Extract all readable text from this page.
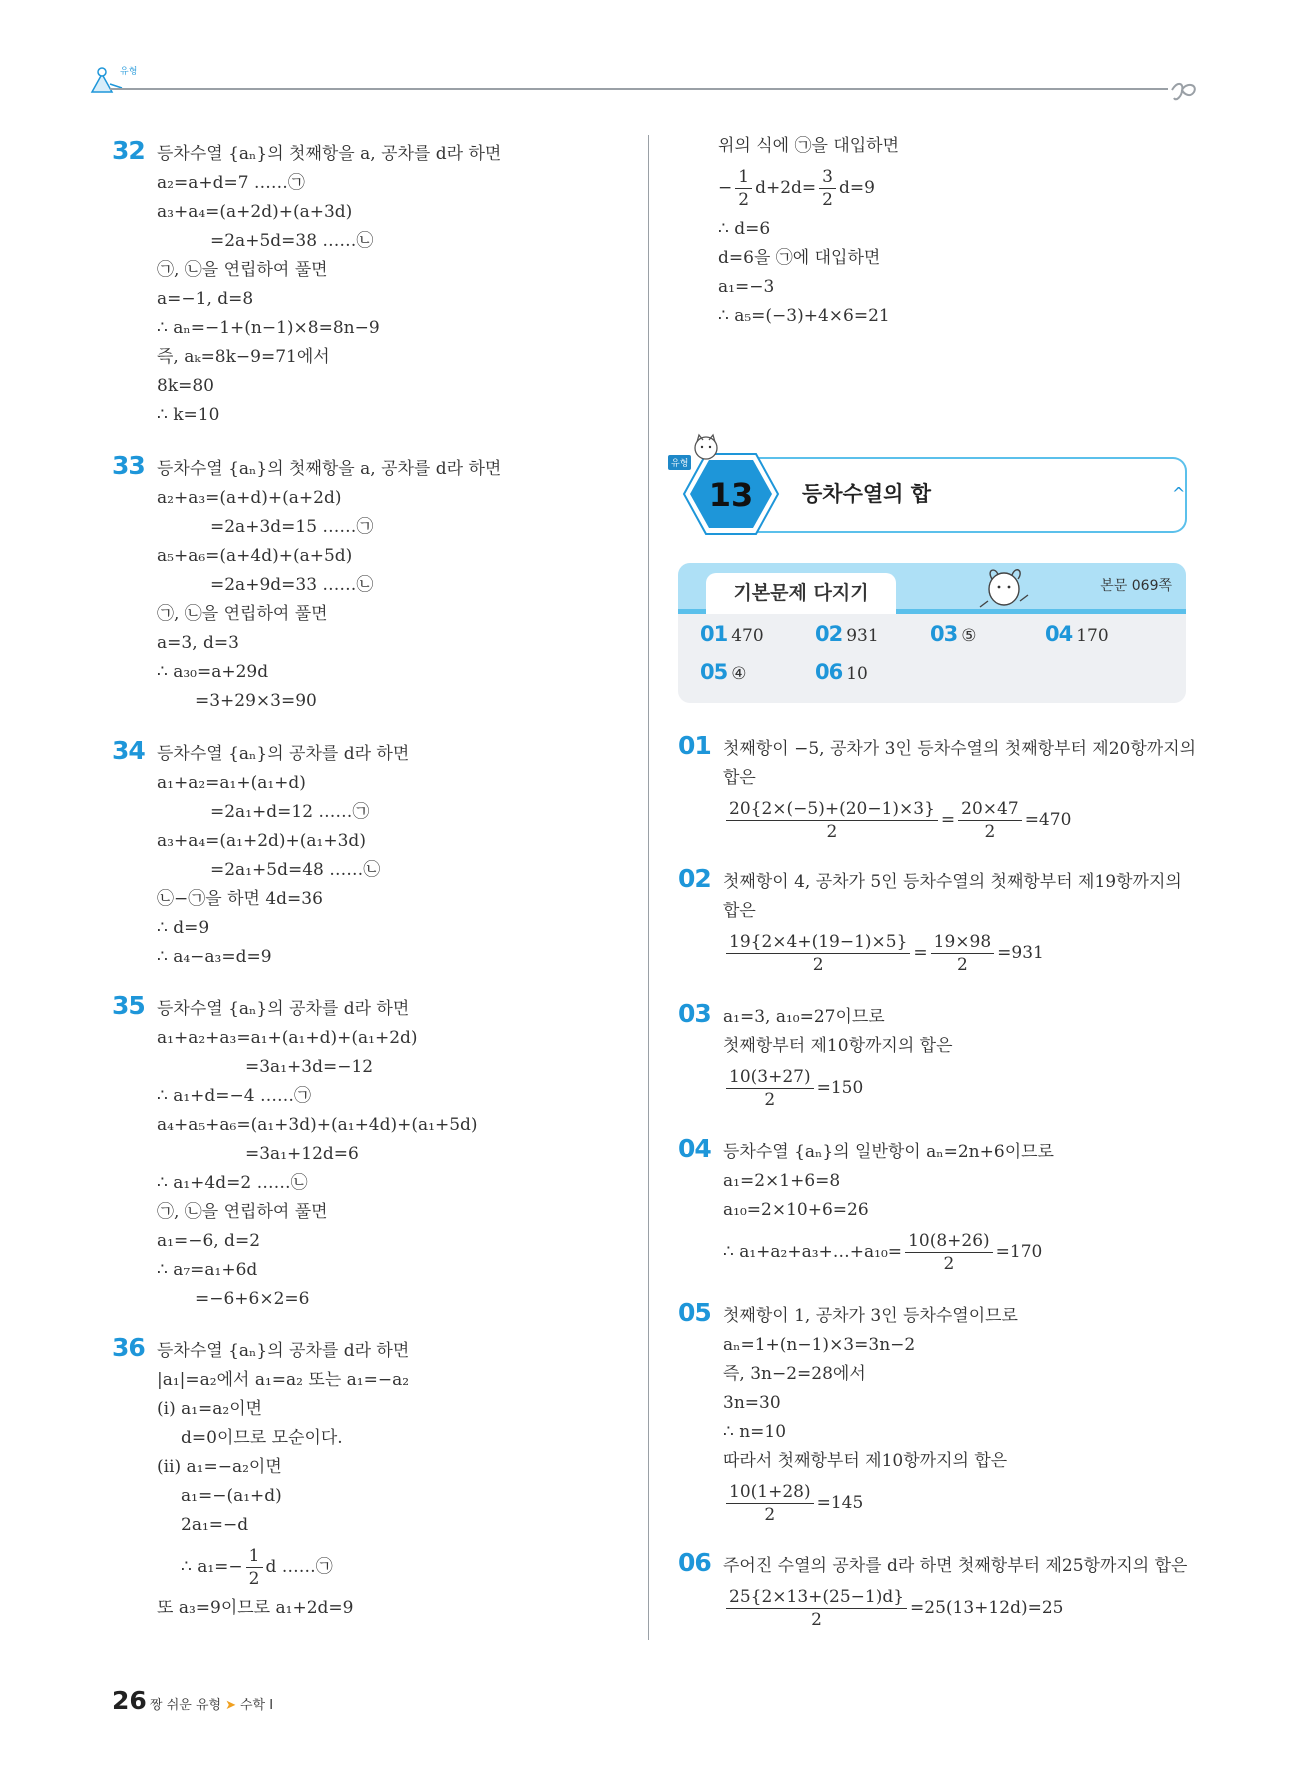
유형
32 등차수열 {aₙ}의 첫째항을 a, 공차를 d라 하면
a₂=a+d=7 ……㉠
a₃+a₄=(a+2d)+(a+3d)
=2a+5d=38 ……㉡
㉠, ㉡을 연립하여 풀면
a=−1, d=8
∴ aₙ=−1+(n−1)×8=8n−9
즉, aₖ=8k−9=71에서
8k=80
∴ k=10
33 등차수열 {aₙ}의 첫째항을 a, 공차를 d라 하면
a₂+a₃=(a+d)+(a+2d)
=2a+3d=15 ……㉠
a₅+a₆=(a+4d)+(a+5d)
=2a+9d=33 ……㉡
㉠, ㉡을 연립하여 풀면
a=3, d=3
∴ a₃₀=a+29d
=3+29×3=90
34 등차수열 {aₙ}의 공차를 d라 하면
a₁+a₂=a₁+(a₁+d)
=2a₁+d=12 ……㉠
a₃+a₄=(a₁+2d)+(a₁+3d)
=2a₁+5d=48 ……㉡
㉡−㉠을 하면 4d=36
∴ d=9
∴ a₄−a₃=d=9
35 등차수열 {aₙ}의 공차를 d라 하면
a₁+a₂+a₃=a₁+(a₁+d)+(a₁+2d)
=3a₁+3d=−12
∴ a₁+d=−4 ……㉠
a₄+a₅+a₆=(a₁+3d)+(a₁+4d)+(a₁+5d)
=3a₁+12d=6
∴ a₁+4d=2 ……㉡
㉠, ㉡을 연립하여 풀면
a₁=−6, d=2
∴ a₇=a₁+6d
=−6+6×2=6
36 등차수열 {aₙ}의 공차를 d라 하면
|a₁|=a₂에서 a₁=a₂ 또는 a₁=−a₂
(ⅰ) a₁=a₂이면
d=0이므로 모순이다.
(ⅱ) a₁=−a₂이면
a₁=−(a₁+d)
2a₁=−d
∴ $a_1=- \frac{1}{2}$ d ……㉠
또 a₃=9이므로 a₁+2d=9
위의 식에 ㉠을 대입하면
− $\frac{1}{2} d+2d= \frac{3}{2} d=9$
∴ d=6
d=6을 ㉠에 대입하면
a₁=−3
∴ a₅=(−3)+4×6=21
13
유형
등차수열의 합	^
기본문제 다지기	본문 069쪽
01 470 02 931 03 ⑤	04 170
05 ④	06 10
01 첫째항이 −5, 공차가 3인 등차수열의 첫째항부터 제20항까지의
합은
$\frac{20\{2\times(-5)+(20-1)\times 3\}}{2} = \frac{20\times 47}{2} =470$
02 첫째항이 4, 공차가 5인 등차수열의 첫째항부터 제19항까지의
합은
$\frac{19\{2\times 4+(19-1)\times 5\}}{2} = \frac{19\times 98}{2} =931$
03 a₁=3, a₁₀=27이므로
첫째항부터 제10항까지의 합은
$\frac{10(3+27)}{2} =150$
04 등차수열 {aₙ}의 일반항이 aₙ=2n+6이므로
a₁=2×1+6=8
a₁₀=2×10+6=26
∴ a₁+a₂+a₃+…+a₁₀= $\frac{10(8+26)}{2} =170$
05 첫째항이 1, 공차가 3인 등차수열이므로
aₙ=1+(n−1)×3=3n−2
즉, 3n−2=28에서
3n=30
∴ n=10
따라서 첫째항부터 제10항까지의 합은
$\frac{10(1+28)}{2} =145$
06 주어진 수열의 공차를 d라 하면 첫째항부터 제25항까지의 합은
$\frac{25\{2\times 13+(25-1)d\}}{2} =25(13+12d)=25$
26 짱 쉬운 유형 ➤ 수학 Ⅰ
